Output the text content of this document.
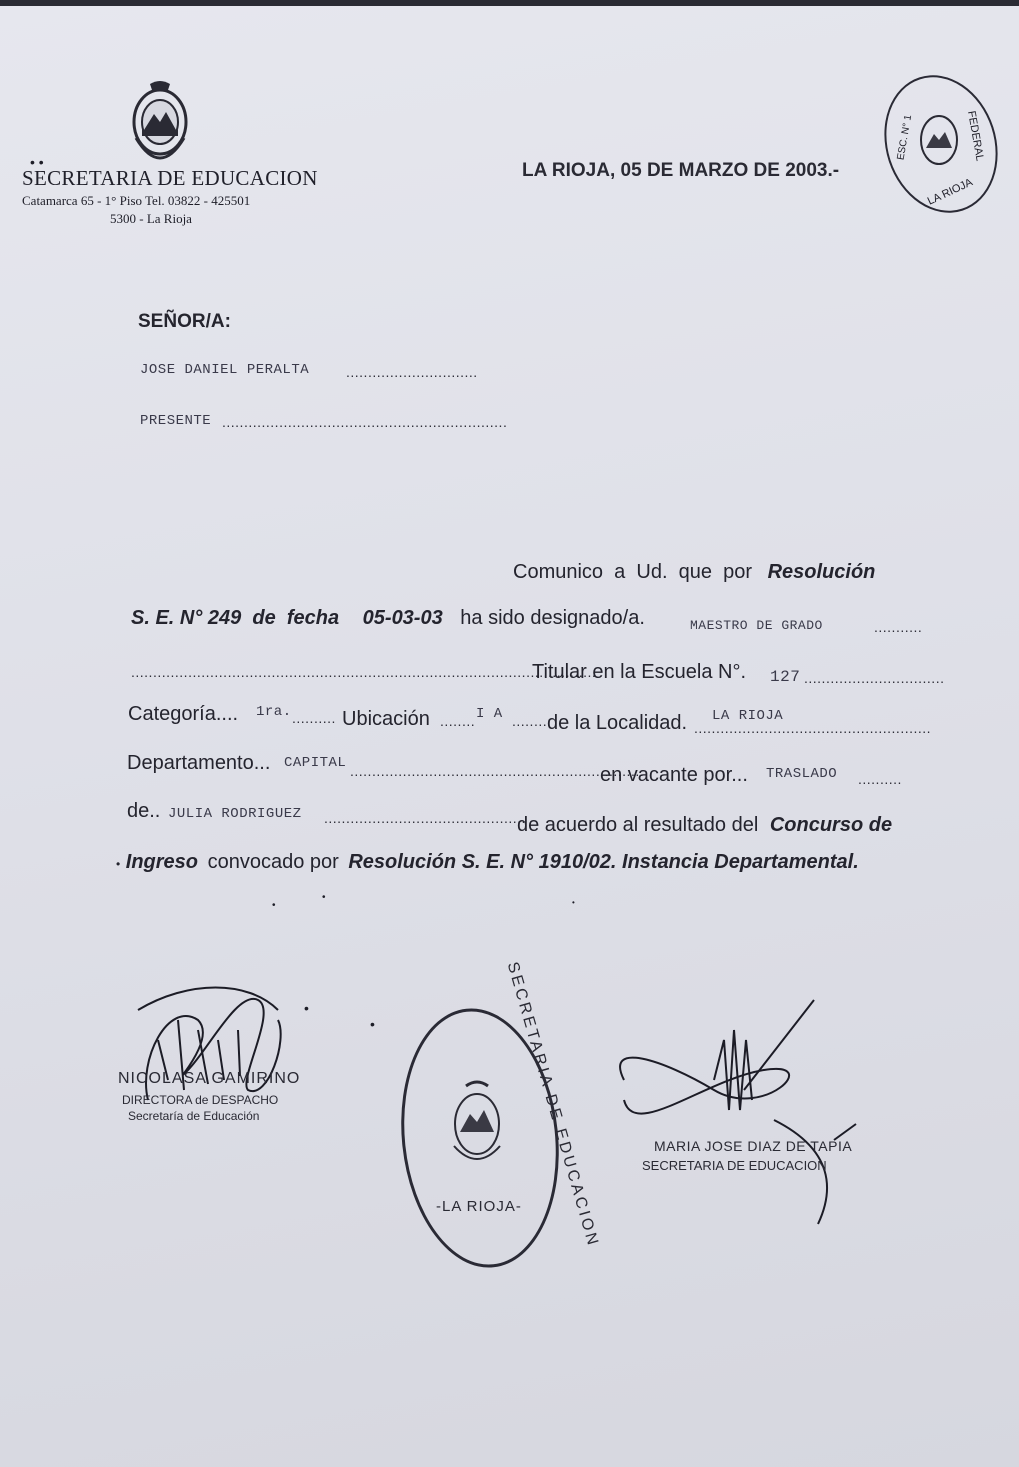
• •
SECRETARIA DE EDUCACION
Catamarca 65 - 1° Piso Tel. 03822 - 425501
5300 - La Rioja
LA RIOJA, 05 DE MARZO DE 2003.-
ESC. N° 1	FEDERAL
LA RIOJA
SEÑOR/A:
JOSE DANIEL PERALTA	..............................
PRESENTE .................................................................
Comunico  a  Ud.  que  por Resolución
S. E. N° 249  de  fecha 05-03-03 ha sido designado/a.	MAESTRO DE GRADO	...........
..........................................................................................................
Titular en la Escuela N°. 127 ................................
Categoría.... 1ra. .......... Ubicación ........ I A ........ de la Localidad. ......................................................
LA RIOJA
Departamento... CAPITAL ...................................................................
en vacante por... TRASLADO ..........
de.. JULIA RODRIGUEZ ..............................................
de acuerdo al resultado del Concurso de
• Ingreso convocado por Resolución S. E. N° 1910/02. Instancia Departamental.
•
•	•
•
•
NICOLASA GAMIRINO
DIRECTORA de DESPACHO
Secretaría de Educación	SECRETARIA DE EDUCACION
-LA RIOJA-
MARIA JOSE DIAZ DE TAPIA
SECRETARIA DE EDUCACION
